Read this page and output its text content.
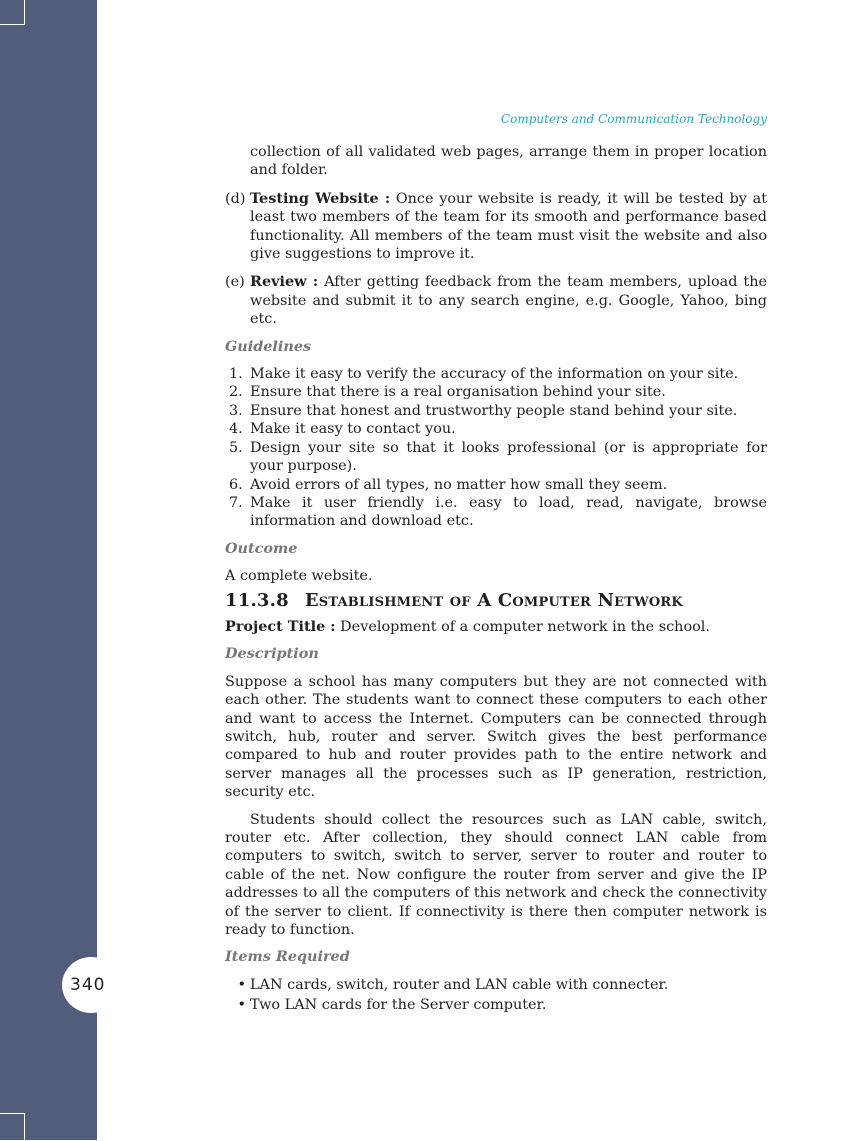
340
Computers and Communication Technology

collection of all validated web pages, arrange them in proper location and folder.

(d) Testing Website : Once your website is ready, it will be tested by at least two members of the team for its smooth and performance based functionality. All members of the team must visit the website and also give suggestions to improve it.
(e) Review : After getting feedback from the team members, upload the website and submit it to any search engine, e.g. Google, Yahoo, bing etc.
Guidelines
1. Make it easy to verify the accuracy of the information on your site.
2. Ensure that there is a real organisation behind your site.
3. Ensure that honest and trustworthy people stand behind your site.
4. Make it easy to contact you.
5. Design your site so that it looks professional (or is appropriate for your purpose).
6. Avoid errors of all types, no matter how small they seem.
7. Make it user friendly i.e. easy to load, read, navigate, browse information and download etc.
Outcome

A complete website.

11.3.8 Establishment of A Computer Network

Project Title : Development of a computer network in the school.

Description

Suppose a school has many computers but they are not connected with each other. The students want to connect these computers to each other and want to access the Internet. Computers can be connected through switch, hub, router and server. Switch gives the best performance compared to hub and router provides path to the entire network and server manages all the processes such as IP generation, restriction, security etc.

Students should collect the resources such as LAN cable, switch, router etc. After collection, they should connect LAN cable from computers to switch, switch to server, server to router and router to cable of the net. Now configure the router from server and give the IP addresses to all the computers of this network and check the connectivity of the server to client. If connectivity is there then computer network is ready to function.

Items Required
• LAN cards, switch, router and LAN cable with connecter.
• Two LAN cards for the Server computer.
